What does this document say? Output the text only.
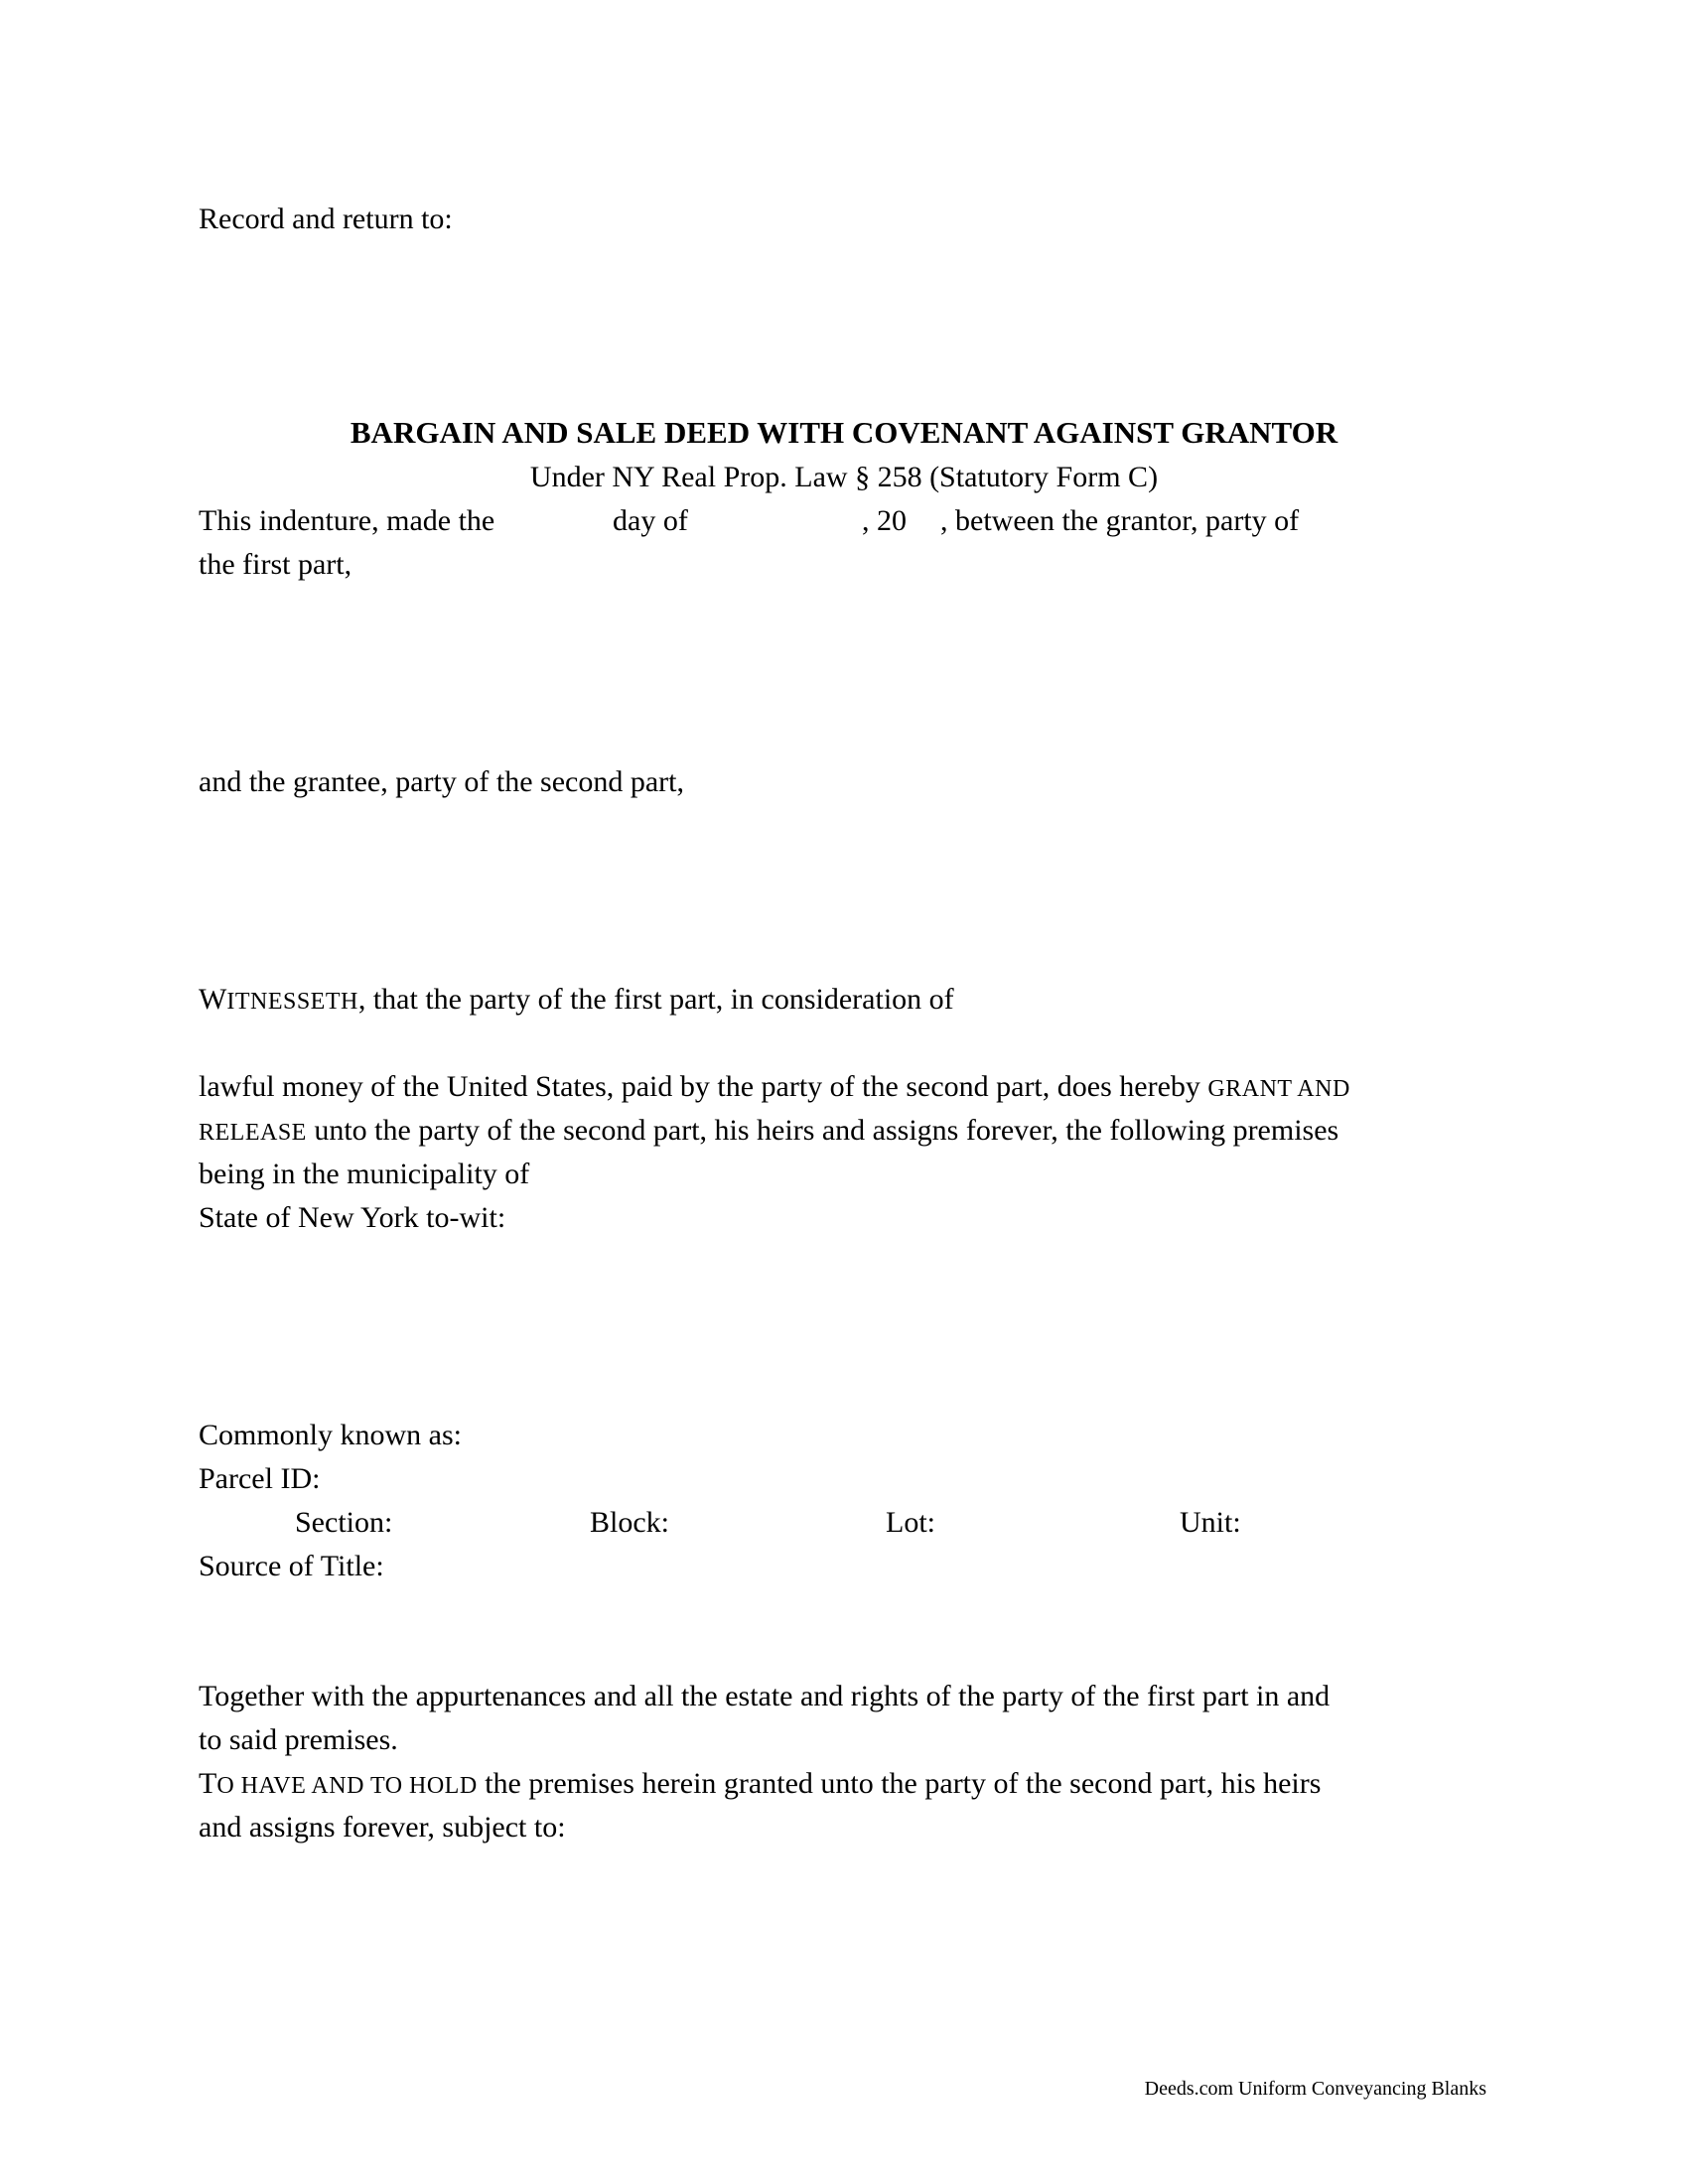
Record and return to:
BARGAIN AND SALE DEED WITH COVENANT AGAINST GRANTOR
Under NY Real Prop. Law § 258 (Statutory Form C)
This indenture, made the	day of	, 20 , between the grantor, party of
the first part,
and the grantee, party of the second part,
WITNESSETH, that the party of the first part, in consideration of
lawful money of the United States, paid by the party of the second part, does hereby GRANT AND
RELEASE unto the party of the second part, his heirs and assigns forever, the following premises
being in the municipality of
State of New York to-wit:
Commonly known as:
Parcel ID:
Section:	Block:	Lot:	Unit:
Source of Title:
Together with the appurtenances and all the estate and rights of the party of the first part in and
to said premises.
TO HAVE AND TO HOLD the premises herein granted unto the party of the second part, his heirs
and assigns forever, subject to:
Deeds.com Uniform Conveyancing Blanks
